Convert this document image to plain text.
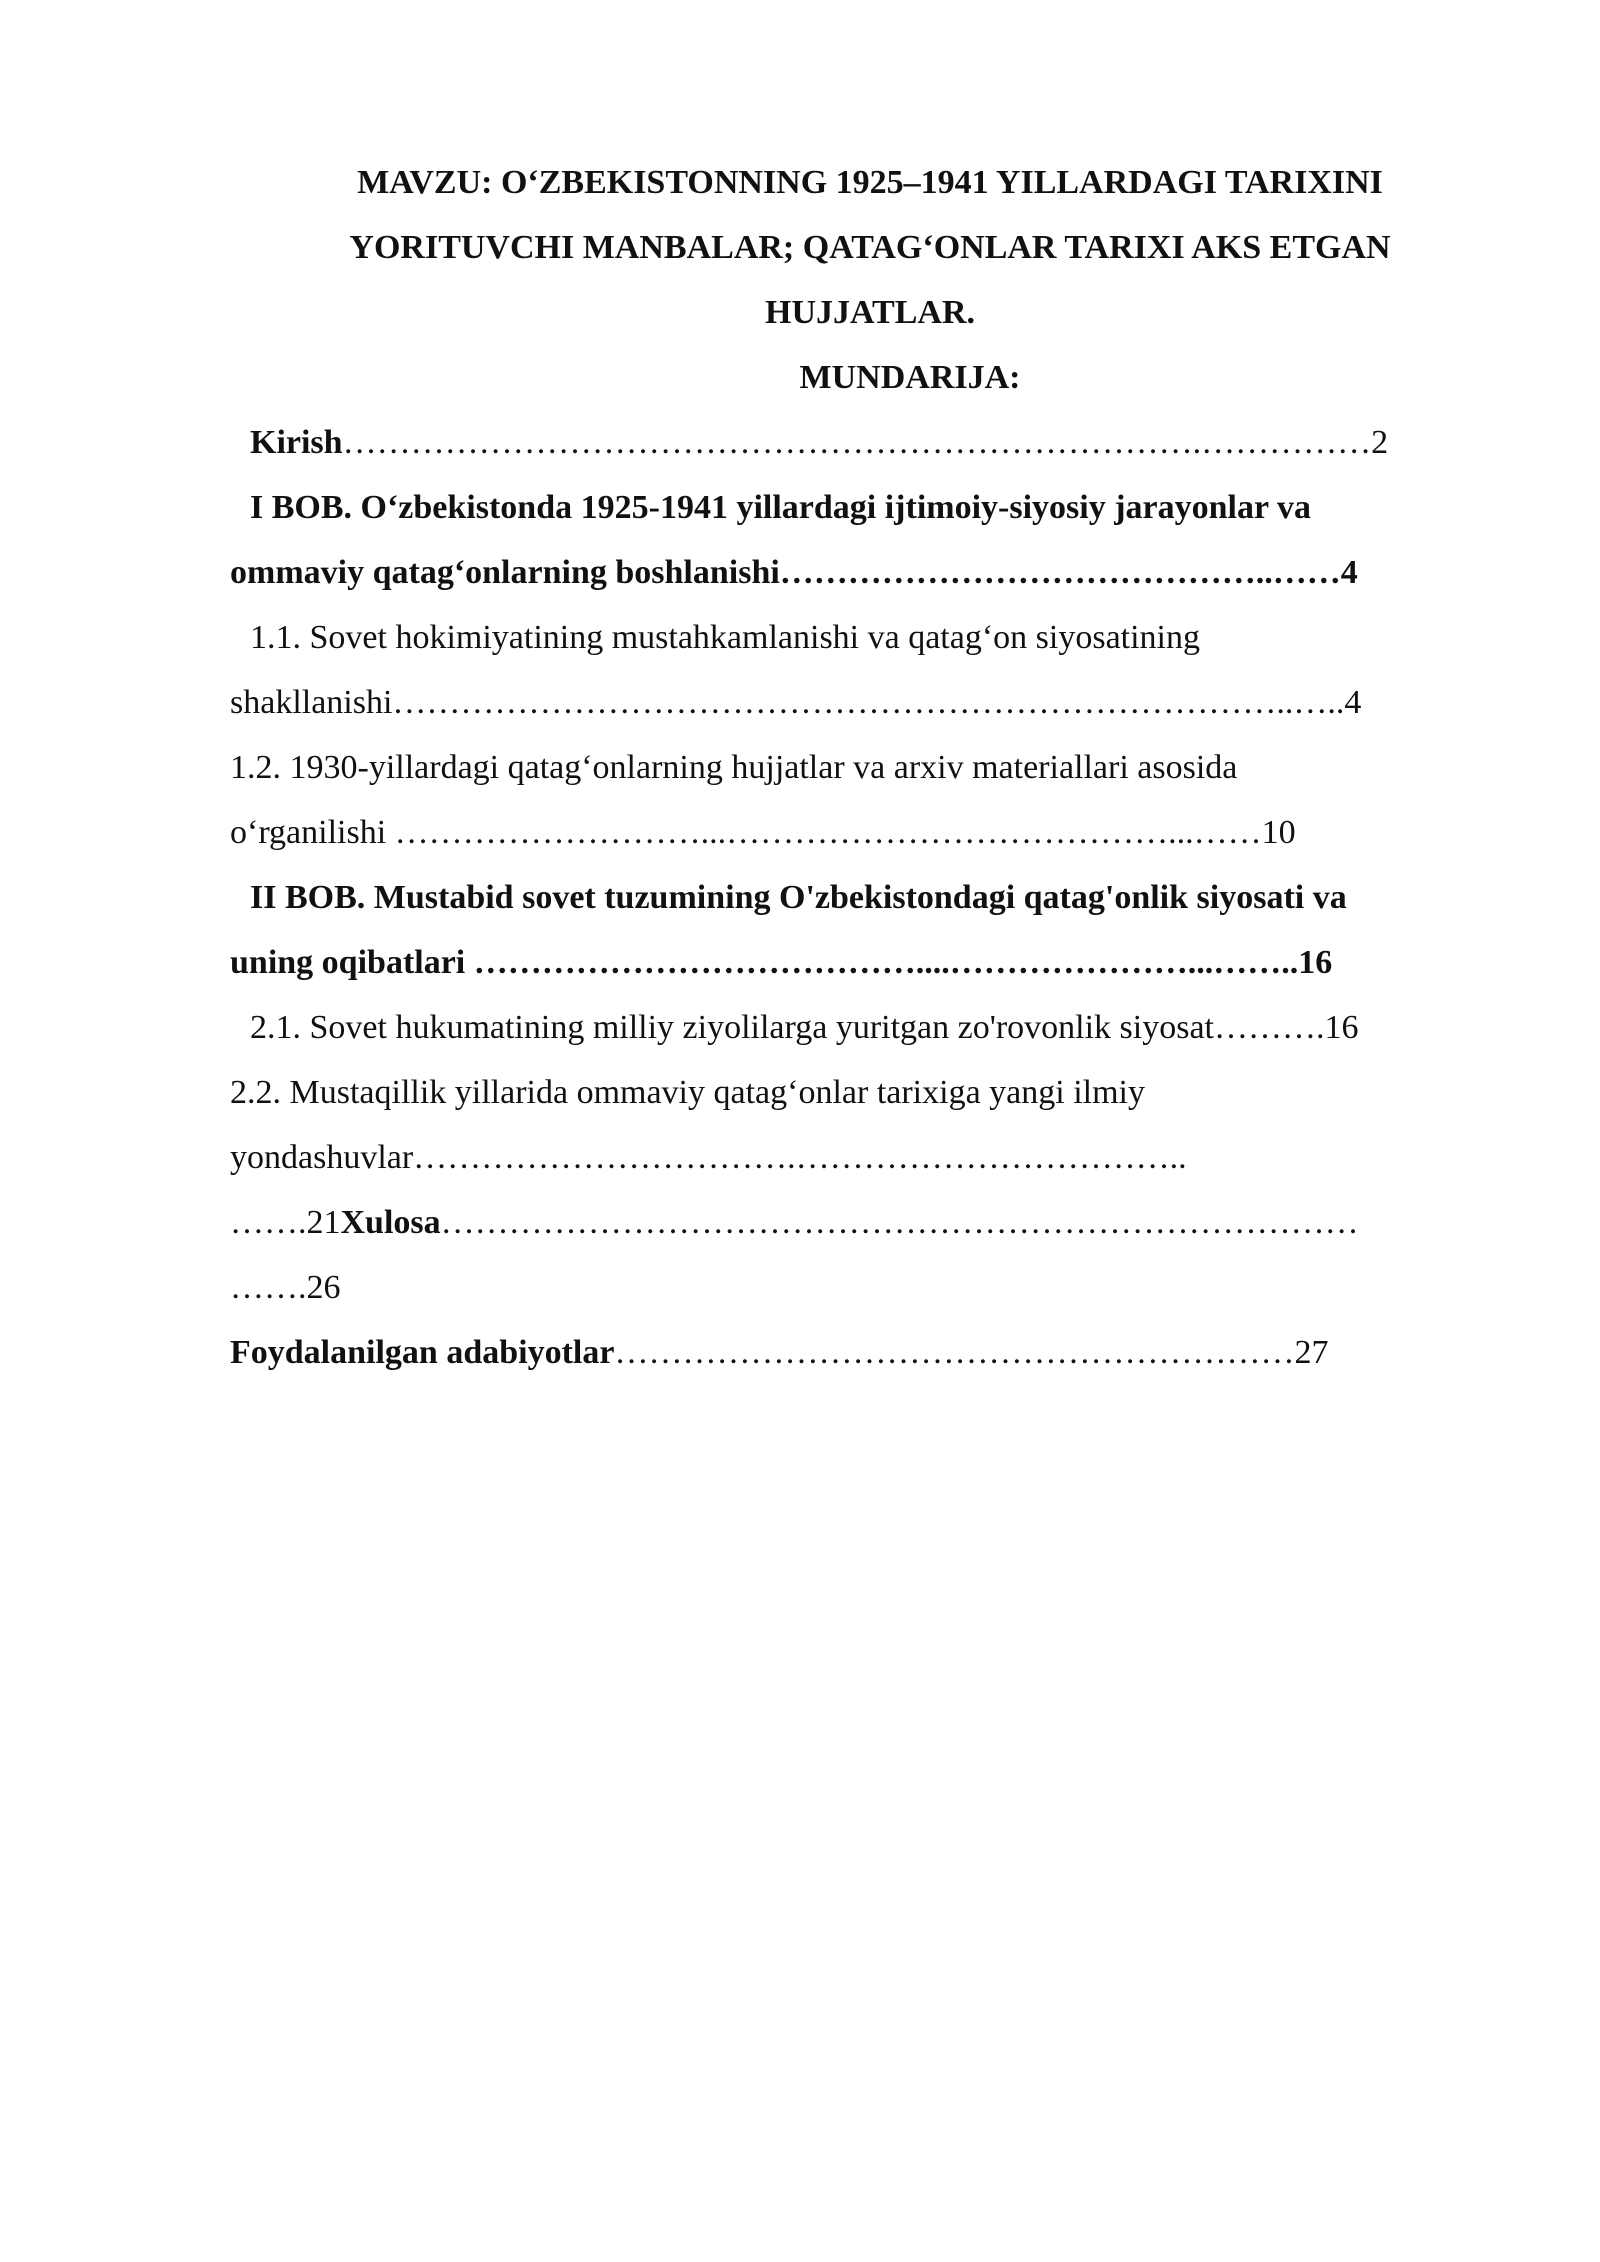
MAVZU: O‘ZBEKISTONNING 1925–1941 YILLARDAGI TARIXINI
YORITUVCHI MANBALAR; QATAG‘ONLAR TARIXI AKS ETGAN
HUJJATLAR.

MUNDARIJA:

Kirish………………………………………………………………….……………2

I BOB. O‘zbekistonda 1925-1941 yillardagi ijtimoiy-siyosiy jarayonlar va
ommaviy qatag‘onlarning boshlanishi……………………………………..……4

1.1. Sovet hokimiyatining mustahkamlanishi va qatag‘on siyosatining
shakllanishi……………………………………………………………………..…..4

1.2. 1930-yillardagi qatag‘onlarning hujjatlar va arxiv materiallari asosida
o‘rganilishi ………………………...…………………………………...……10

II BOB. Mustabid sovet tuzumining O'zbekistondagi qatag'onlik siyosati va
uning oqibatlari …………………………………....…………………...……..16

2.1. Sovet hukumatining milliy ziyolilarga yuritgan zo'rovonlik siyosat……….16

2.2. Mustaqillik yillarida ommaviy qatag‘onlar tarixiga yangi ilmiy
yondashuvlar…………………………….……………………………..
…….21Xulosa………………………………………………………………………
…….26

Foydalanilgan adabiyotlar……………………………………………………27
